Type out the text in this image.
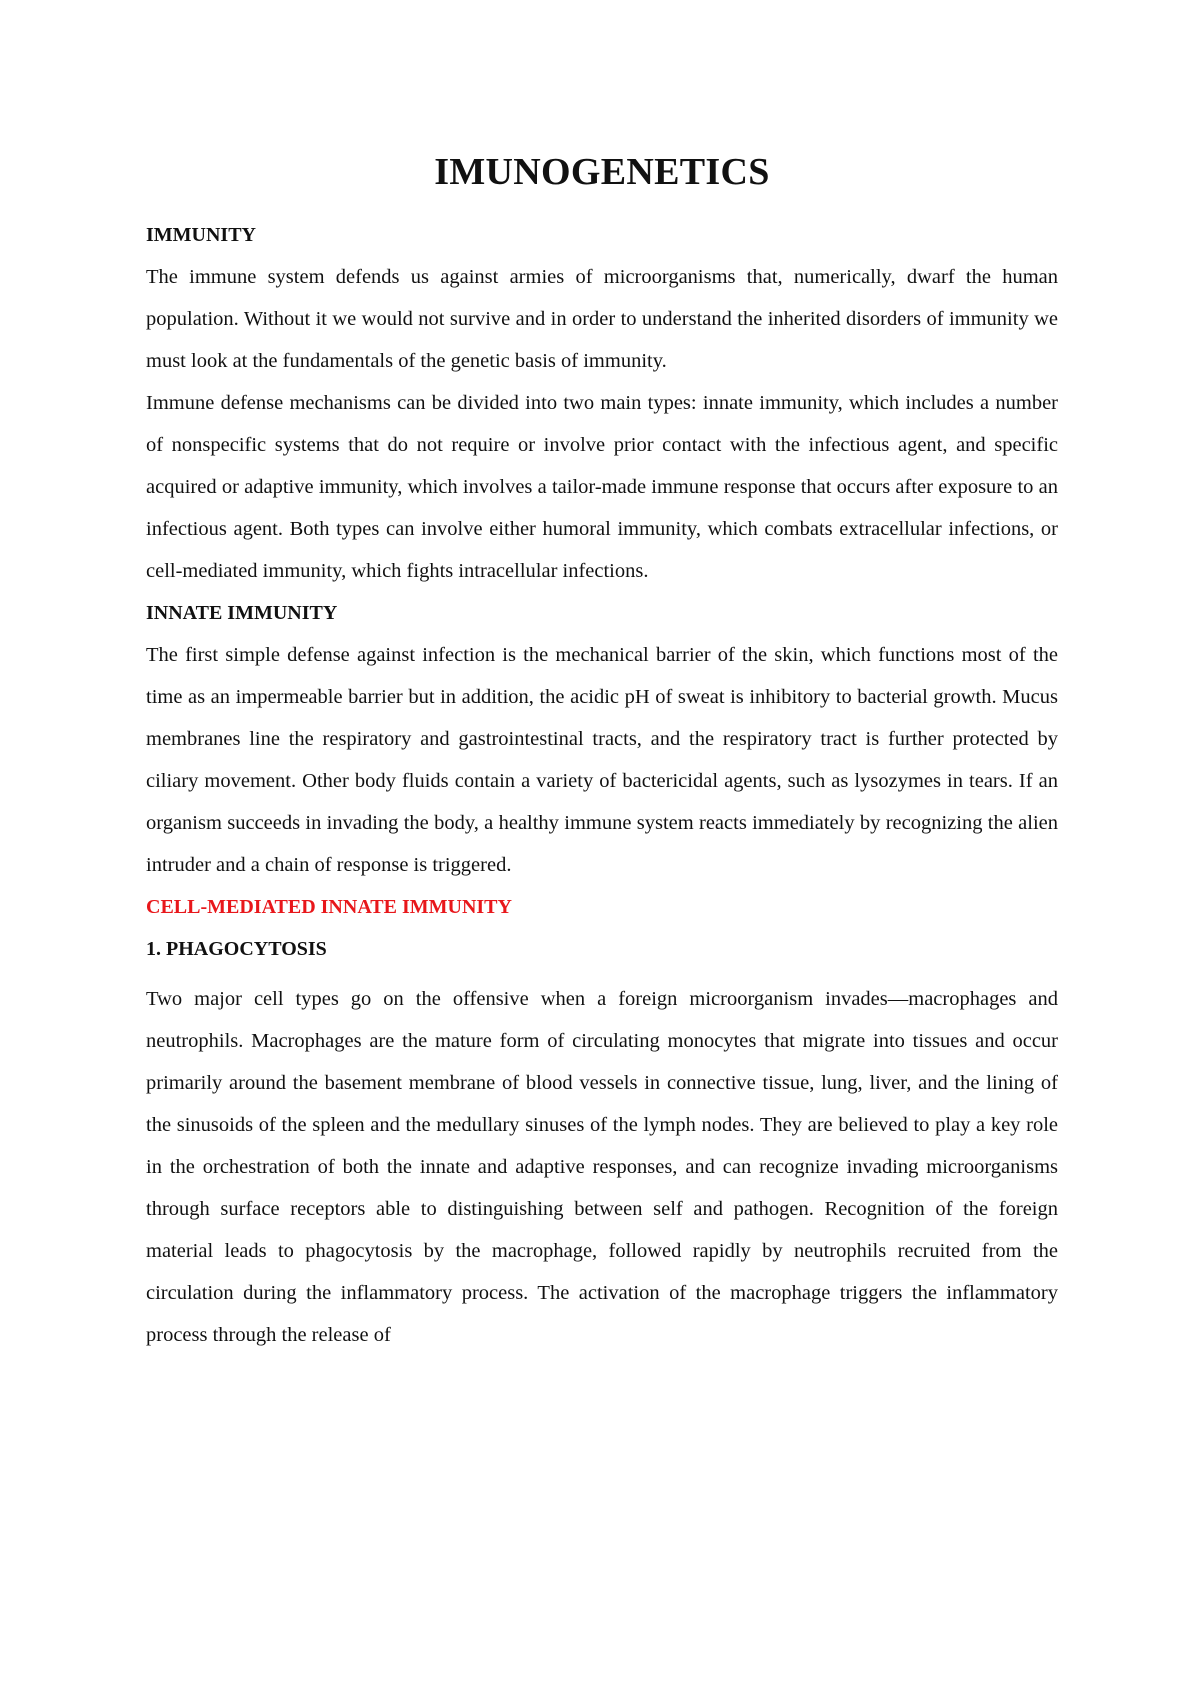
IMUNOGENETICS
IMMUNITY

The immune system defends us against armies of microorganisms that, numerically, dwarf the human population. Without it we would not survive and in order to understand the inherited disorders of immunity we must look at the fundamentals of the genetic basis of immunity.

Immune defense mechanisms can be divided into two main types: innate immunity, which includes a number of nonspecific systems that do not require or involve prior contact with the infectious agent, and specific acquired or adaptive immunity, which involves a tailor-made immune response that occurs after exposure to an infectious agent. Both types can involve either humoral immunity, which combats extracellular infections, or cell-mediated immunity, which fights intracellular infections.

INNATE IMMUNITY

The first simple defense against infection is the mechanical barrier of the skin, which functions most of the time as an impermeable barrier but in addition, the acidic pH of sweat is inhibitory to bacterial growth. Mucus membranes line the respiratory and gastrointestinal tracts, and the respiratory tract is further protected by ciliary movement. Other body fluids contain a variety of bactericidal agents, such as lysozymes in tears. If an organism succeeds in invading the body, a healthy immune system reacts immediately by recognizing the alien intruder and a chain of response is triggered.

CELL-MEDIATED INNATE IMMUNITY
1. PHAGOCYTOSIS

Two major cell types go on the offensive when a foreign microorganism invades—macrophages and neutrophils. Macrophages are the mature form of circulating monocytes that migrate into tissues and occur primarily around the basement membrane of blood vessels in connective tissue, lung, liver, and the lining of the sinusoids of the spleen and the medullary sinuses of the lymph nodes. They are believed to play a key role in the orchestration of both the innate and adaptive responses, and can recognize invading microorganisms through surface receptors able to distinguishing between self and pathogen. Recognition of the foreign material leads to phagocytosis by the macrophage, followed rapidly by neutrophils recruited from the circulation during the inflammatory process. The activation of the macrophage triggers the inflammatory process through the release of
